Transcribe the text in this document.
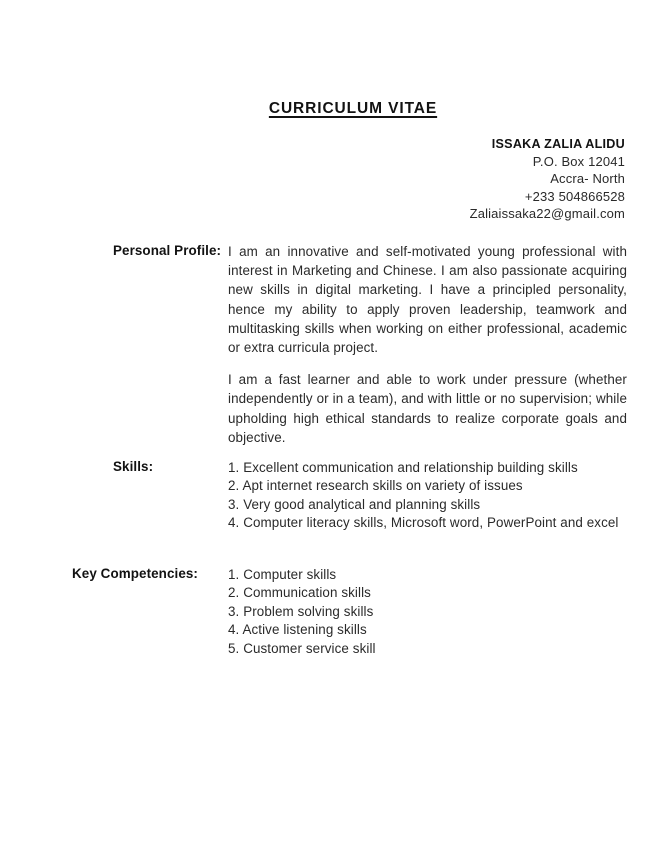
CURRICULUM VITAE
ISSAKA ZALIA ALIDU
P.O. Box 12041
Accra- North
+233 504866528
Zaliaissaka22@gmail.com
Personal Profile: I am an innovative and self-motivated young professional with interest in Marketing and Chinese. I am also passionate acquiring new skills in digital marketing. I have a principled personality, hence my ability to apply proven leadership, teamwork and multitasking skills when working on either professional, academic or extra curricula project.

I am a fast learner and able to work under pressure (whether independently or in a team), and with little or no supervision; while upholding high ethical standards to realize corporate goals and objective.

Skills:	1. Excellent communication and relationship building skills
2. Apt internet research skills on variety of issues
3. Very good analytical and planning skills
4. Computer literacy skills, Microsoft word, PowerPoint and excel
Key Competencies: 1. Computer skills
2. Communication skills
3. Problem solving skills
4. Active listening skills
5. Customer service skill
